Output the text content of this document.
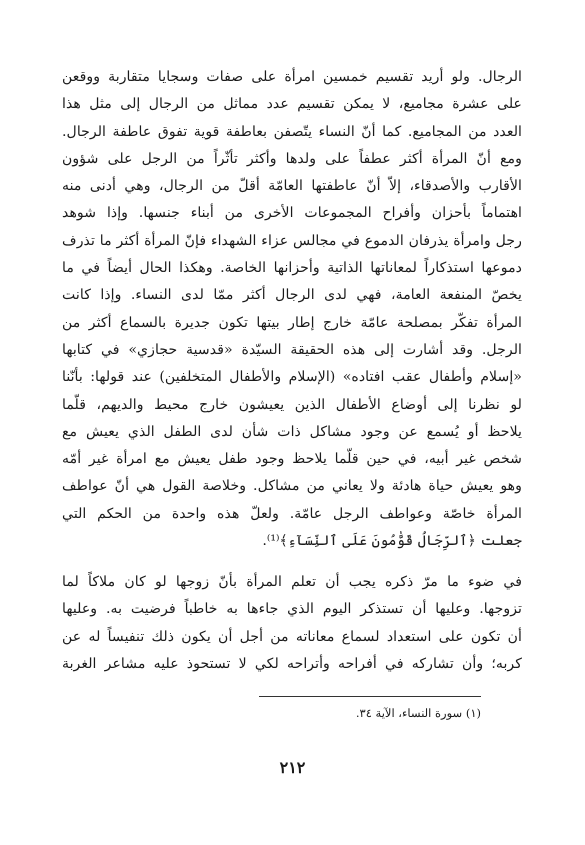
الرجال. ولو أريد تقسيم خمسين امرأة على صفات وسجايا متقاربة ووقعن
على عشرة مجاميع، لا يمكن تقسيم عدد مماثل من الرجال إلى مثل هذا
العدد من المجاميع. كما أنّ النساء يتّصفن بعاطفة قوية تفوق عاطفة الرجال.
ومع أنّ المرأة أكثر عطفاً على ولدها وأكثر تأثّراً من الرجل على شؤون
الأقارب والأصدقاء، إلاّ أنّ عاطفتها العامّة أقلّ من الرجال، وهي أدنى منه
اهتماماً بأحزان وأفراح المجموعات الأخرى من أبناء جنسها. وإذا شوهد
رجل وامرأة يذرفان الدموع في مجالس عزاء الشهداء فإنّ المرأة أكثر ما تذرف
دموعها استذكاراً لمعاناتها الذاتية وأحزانها الخاصة. وهكذا الحال أيضاً في ما
يخصّ المنفعة العامة، فهي لدى الرجال أكثر ممّا لدى النساء. وإذا كانت
المرأة تفكّر بمصلحة عامّة خارج إطار بيتها تكون جديرة بالسماع أكثر من
الرجل. وقد أشارت إلى هذه الحقيقة السيّدة «قدسية حجازي» في كتابها
«إسلام وأطفال عقب افتاده» (الإسلام والأطفال المتخلفين) عند قولها: بأنّنا
لو نظرنا إلى أوضاع الأطفال الذين يعيشون خارج محيط والديهم، قلّما
يلاحظ أو يُسمع عن وجود مشاكل ذات شأن لدى الطفل الذي يعيش مع
شخص غير أبيه، في حين قلّما يلاحظ وجود طفل يعيش مع امرأة غير أمّه
وهو يعيش حياة هادئة ولا يعاني من مشاكل. وخلاصة القول هي أنّ عواطف
المرأة خاصّة وعواطف الرجل عامّة. ولعلّ هذه واحدة من الحكم التي
جعلت ﴿ٱلرِّجَالُ قَوَّٰمُونَ عَلَى ٱلنِّسَآءِ﴾⁽¹⁾.
في ضوء ما مرّ ذكره يجب أن تعلم المرأة بأنّ زوجها لو كان ملاكاً لما
تزوجها. وعليها أن تستذكر اليوم الذي جاءها به خاطباً فرضيت به. وعليها
أن تكون على استعداد لسماع معاناته من أجل أن يكون ذلك تنفيساً له عن
كربه؛ وأن تشاركه في أفراحه وأتراحه لكي لا تستحوذ عليه مشاعر الغربة
(١) سورة النساء، الآية ٣٤.
٢١٢
